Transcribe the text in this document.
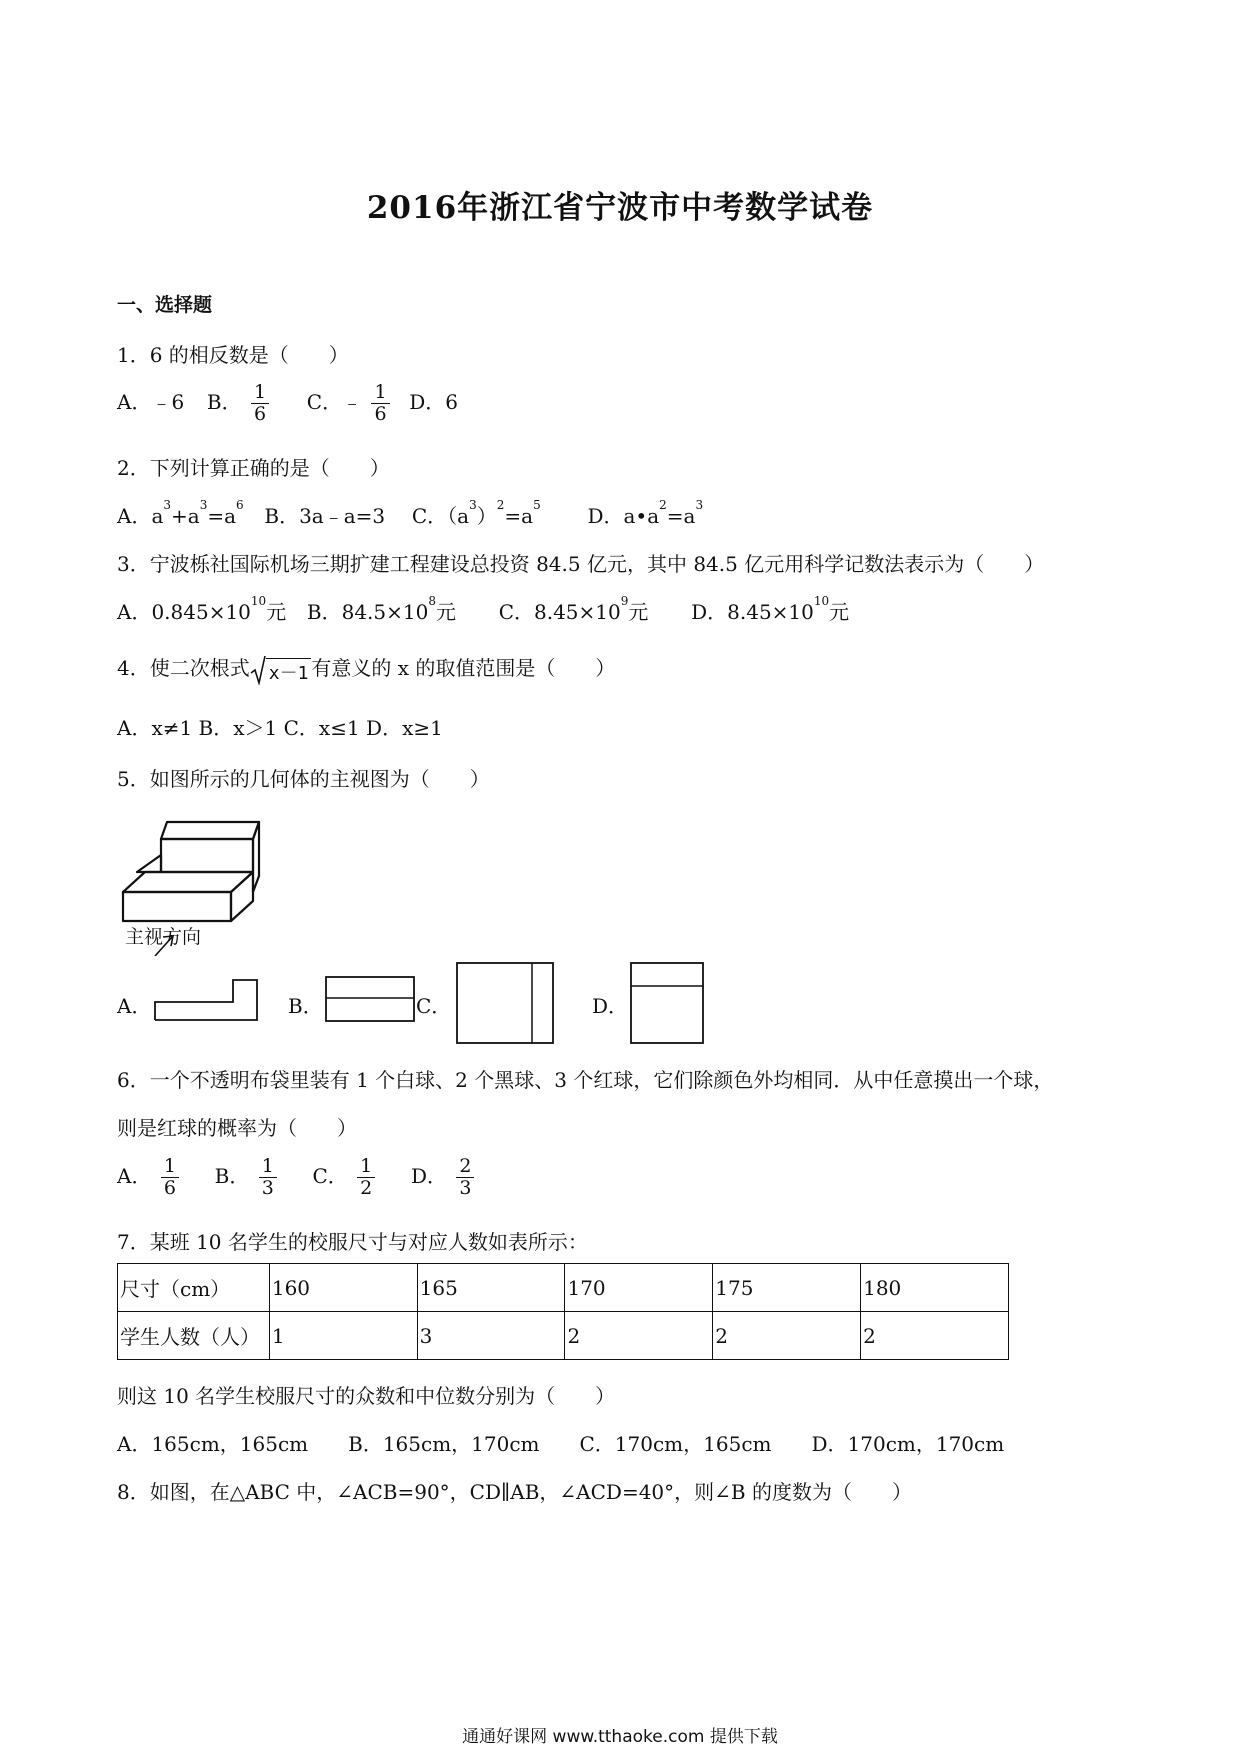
2016年浙江省宁波市中考数学试卷
一、选择题
1．6 的相反数是（　　）
A．﹣6 B． $\frac{1}{6}$ C．﹣ $\frac{1}{6}$ D．6
2．下列计算正确的是（　　）
A．$a^3+a^3=a^6$ B．3a﹣a=3 C．$(a^3)^2=a^5$ D．$a•a^2=a^3$
3．宁波栎社国际机场三期扩建工程建设总投资 84.5 亿元，其中 84.5 亿元用科学记数法表示为（　　）
A．$0.845\times 10^{10}$元 B．$84.5\times 10^8$元 C．$8.45\times 10^9$元 D．$8.45\times 10^{10}$元
4．使二次根式 x－1 有意义的 x 的取值范围是（　　）
A．x≠1 B．x＞1 C．x≤1 D．x≥1
5．如图所示的几何体的主视图为（　　）
主视方向
A．	B．	C．	D．
6．一个不透明布袋里装有 1 个白球、2 个黑球、3 个红球，它们除颜色外均相同．从中任意摸出一个球，
则是红球的概率为（　　）
A． $\frac{1}{6}$ B． $\frac{1}{3}$ C． $\frac{1}{2}$ D． $\frac{2}{3}$
7．某班 10 名学生的校服尺寸与对应人数如表所示：
尺寸（cm）	160	165	170	175	180
学生人数（人）	1	3	2	2	2
则这 10 名学生校服尺寸的众数和中位数分别为（　　）
A．165cm，165cm　　B．165cm，170cm　　C．170cm，165cm　　D．170cm，170cm
8．如图，在△ABC 中，∠ACB=90°，CD∥AB，∠ACD=40°，则∠B 的度数为（　　）
通通好课网 www.tthaoke.com 提供下载
